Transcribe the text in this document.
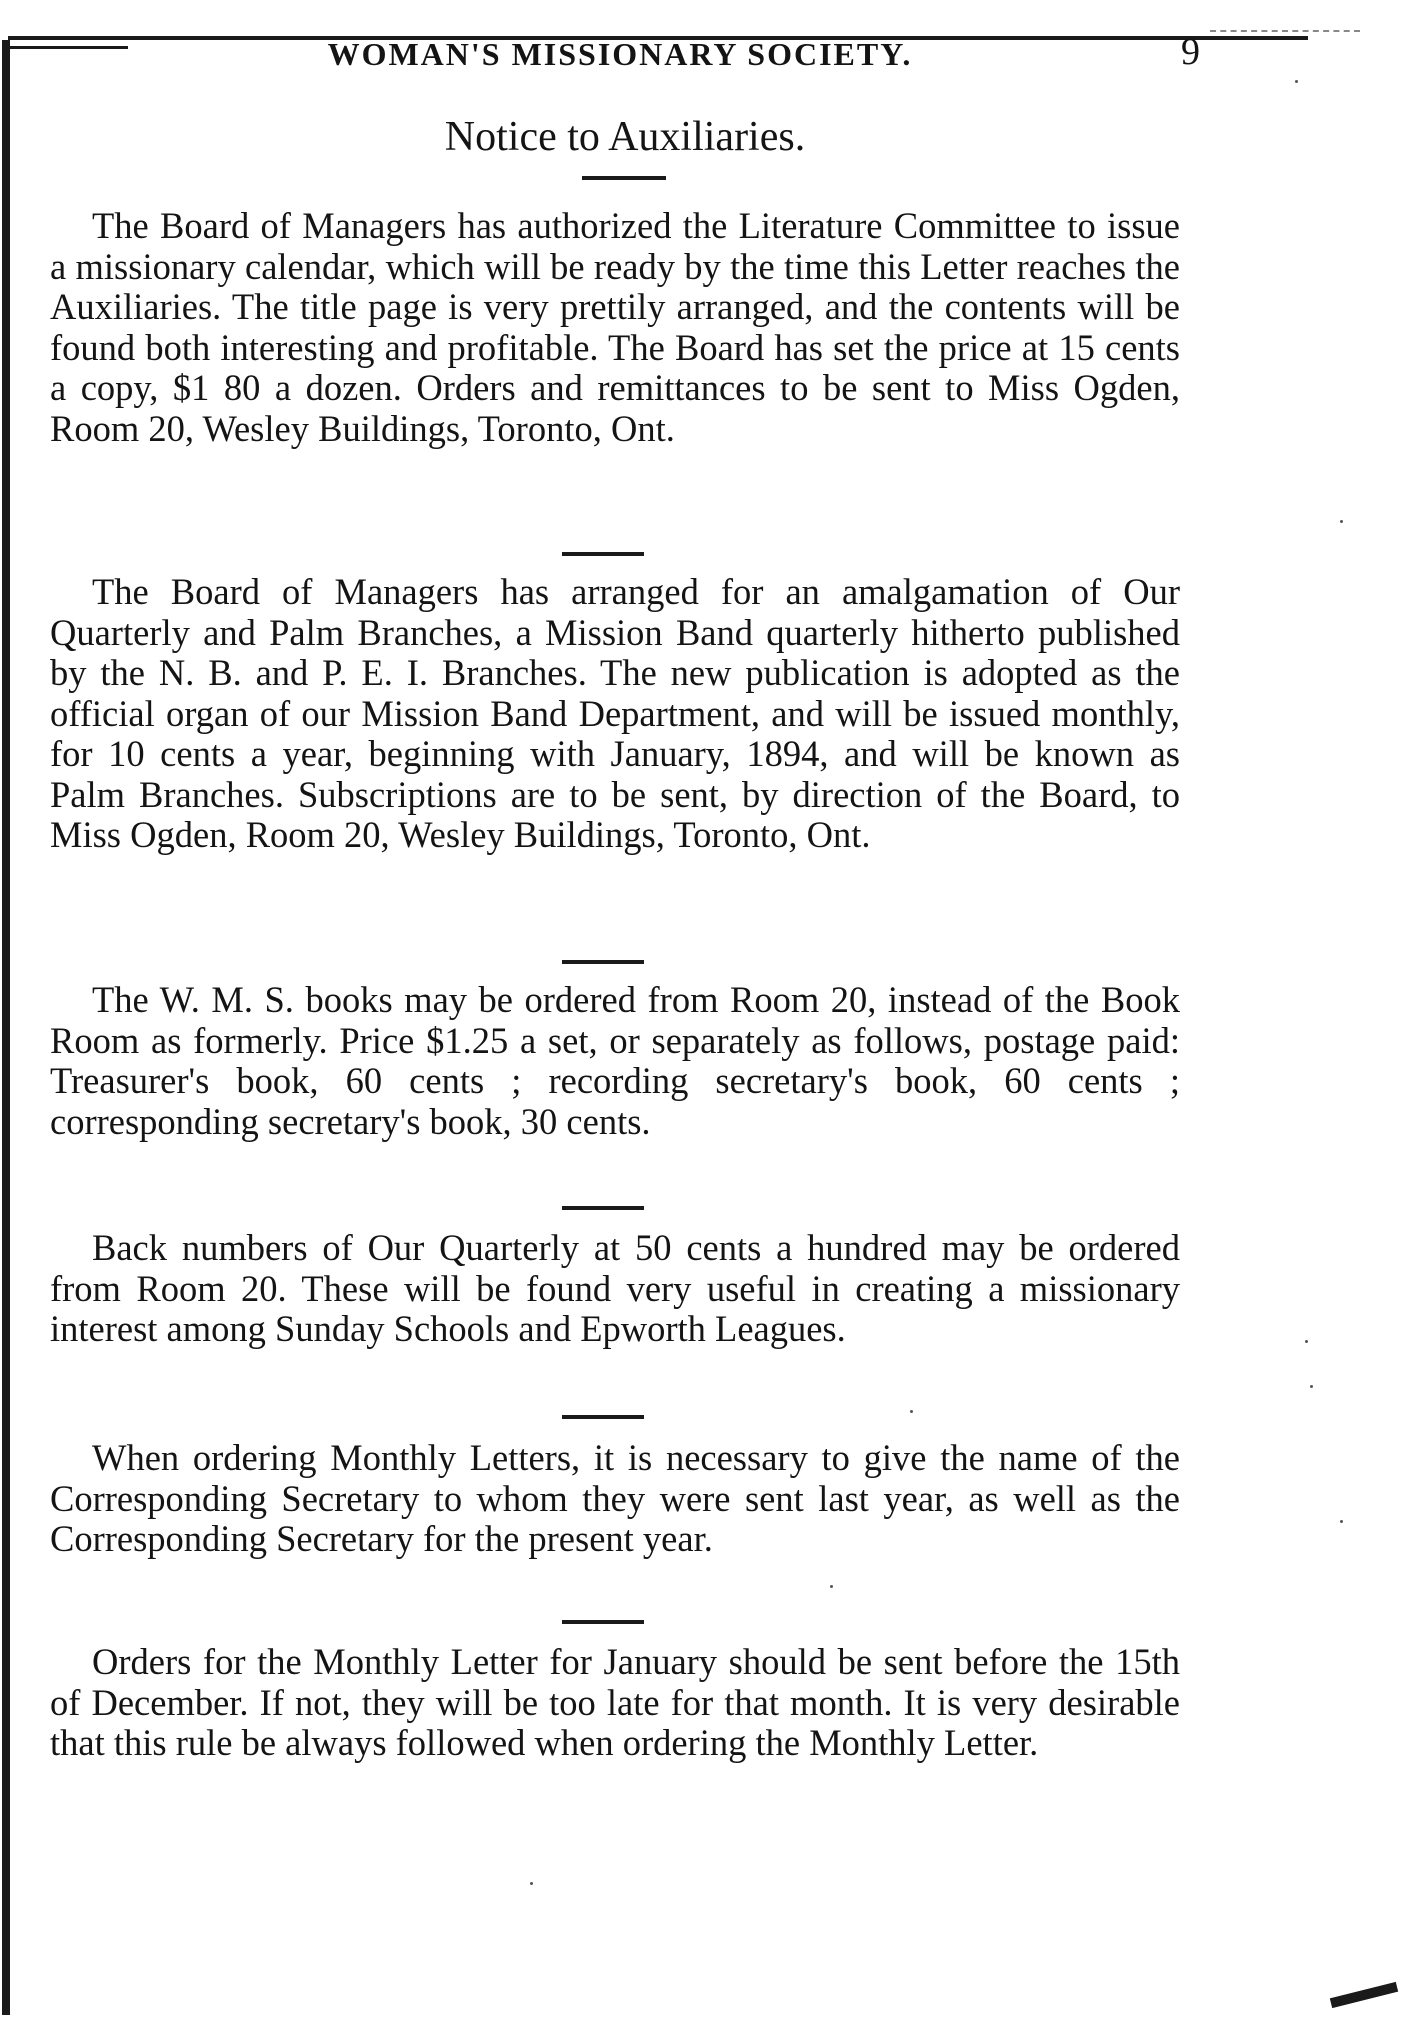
WOMAN'S MISSIONARY SOCIETY.	9
Notice to Auxiliaries.

The Board of Managers has authorized the Literature Committee to issue a missionary calendar, which will be ready by the time this Letter reaches the Auxiliaries. The title page is very prettily arranged, and the contents will be found both interesting and profitable. The Board has set the price at 15 cents a copy, $1 80 a dozen. Orders and remittances to be sent to Miss Ogden, Room 20, Wesley Buildings, Toronto, Ont.

The Board of Managers has arranged for an amalgamation of Our Quarterly and Palm Branches, a Mission Band quarterly hitherto published by the N. B. and P. E. I. Branches. The new publication is adopted as the official organ of our Mission Band Department, and will be issued monthly, for 10 cents a year, beginning with January, 1894, and will be known as Palm Branches. Subscriptions are to be sent, by direction of the Board, to Miss Ogden, Room 20, Wesley Buildings, Toronto, Ont.

The W. M. S. books may be ordered from Room 20, instead of the Book Room as formerly. Price $1.25 a set, or separately as follows, postage paid: Treasurer's book, 60 cents ; recording secretary's book, 60 cents ; corresponding secretary's book, 30 cents.

Back numbers of Our Quarterly at 50 cents a hundred may be ordered from Room 20. These will be found very useful in creating a missionary interest among Sunday Schools and Epworth Leagues.

When ordering Monthly Letters, it is necessary to give the name of the Corresponding Secretary to whom they were sent last year, as well as the Corresponding Secretary for the present year.

Orders for the Monthly Letter for January should be sent before the 15th of December. If not, they will be too late for that month. It is very desirable that this rule be always followed when ordering the Monthly Letter.
